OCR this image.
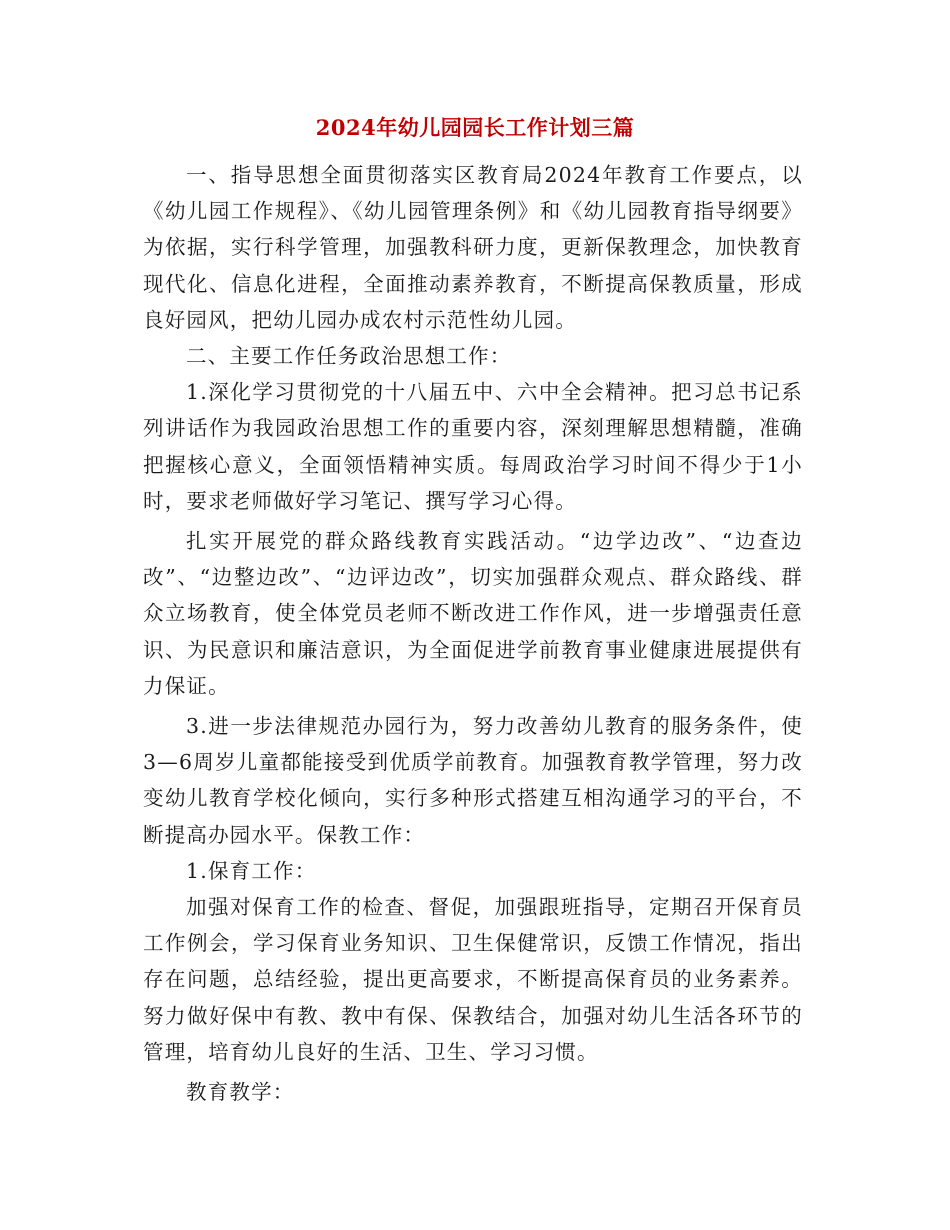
2024年幼儿园园长工作计划三篇

一、指导思想全面贯彻落实区教育局2024年教育工作要点，以《幼儿园工作规程》、《幼儿园管理条例》和《幼儿园教育指导纲要》为依据，实行科学管理，加强教科研力度，更新保教理念，加快教育现代化、信息化进程，全面推动素养教育，不断提高保教质量，形成良好园风，把幼儿园办成农村示范性幼儿园。

二、主要工作任务政治思想工作：

1.深化学习贯彻党的十八届五中、六中全会精神。把习总书记系列讲话作为我园政治思想工作的重要内容，深刻理解思想精髓，准确把握核心意义，全面领悟精神实质。每周政治学习时间不得少于1小时，要求老师做好学习笔记、撰写学习心得。

扎实开展党的群众路线教育实践活动。“边学边改”、“边查边改”、“边整边改”、“边评边改”，切实加强群众观点、群众路线、群众立场教育，使全体党员老师不断改进工作作风，进一步增强责任意识、为民意识和廉洁意识，为全面促进学前教育事业健康进展提供有力保证。

3.进一步法律规范办园行为，努力改善幼儿教育的服务条件，使3—6周岁儿童都能接受到优质学前教育。加强教育教学管理，努力改变幼儿教育学校化倾向，实行多种形式搭建互相沟通学习的平台，不断提高办园水平。保教工作：

1.保育工作：

加强对保育工作的检查、督促，加强跟班指导，定期召开保育员工作例会，学习保育业务知识、卫生保健常识，反馈工作情况，指出存在问题，总结经验，提出更高要求，不断提高保育员的业务素养。努力做好保中有教、教中有保、保教结合，加强对幼儿生活各环节的管理，培育幼儿良好的生活、卫生、学习习惯。

教育教学：
